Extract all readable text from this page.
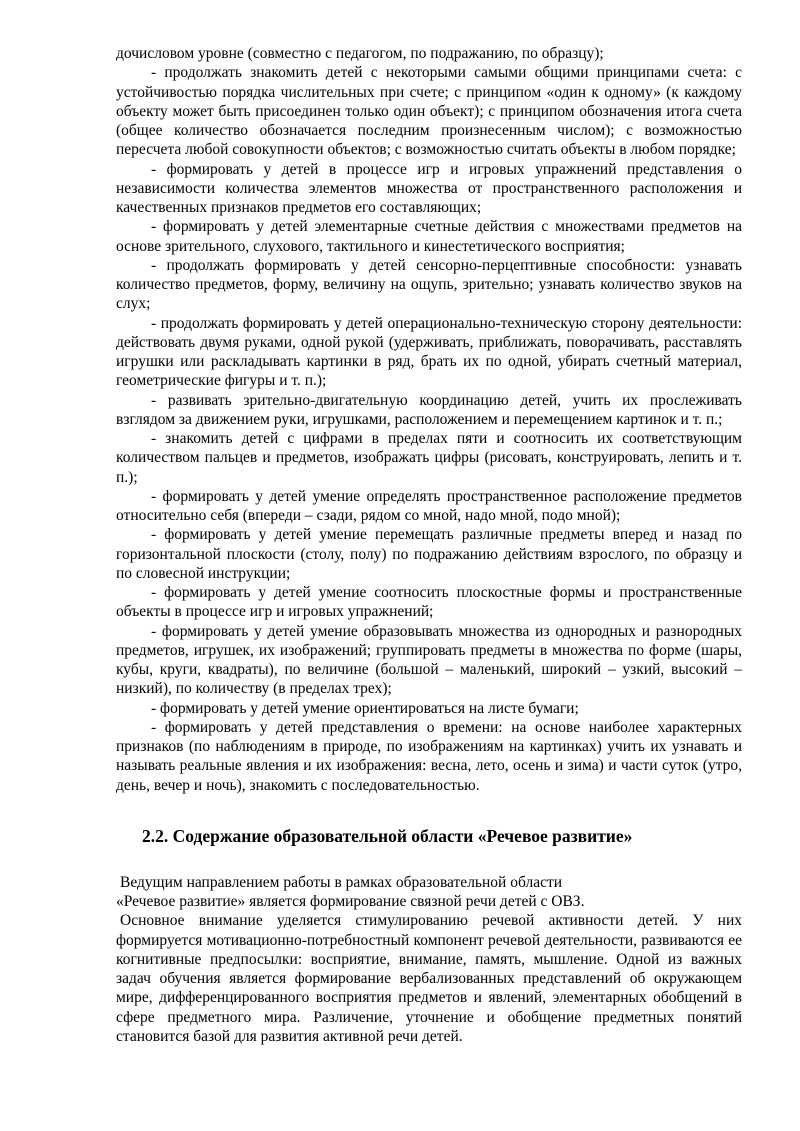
дочисловом уровне (совместно с педагогом, по подражанию, по образцу);

- продолжать знакомить детей с некоторыми самыми общими принципами счета: с устойчивостью порядка числительных при счете; с принципом «один к одному» (к каждому объекту может быть присоединен только один объект); с принципом обозначения итога счета (общее количество обозначается последним произнесенным числом); с возможностью пересчета любой совокупности объектов; с возможностью считать объекты в любом порядке;

- формировать у детей в процессе игр и игровых упражнений представления о независимости количества элементов множества от пространственного расположения и качественных признаков предметов его составляющих;

- формировать у детей элементарные счетные действия с множествами предметов на основе зрительного, слухового, тактильного и кинестетического восприятия;

- продолжать формировать у детей сенсорно-перцептивные способности: узнавать количество предметов, форму, величину на ощупь, зрительно; узнавать количество звуков на слух;

- продолжать формировать у детей операционально-техническую сторону деятельности: действовать двумя руками, одной рукой (удерживать, приближать, поворачивать, расставлять игрушки или раскладывать картинки в ряд, брать их по одной, убирать счетный материал, геометрические фигуры и т. п.);

- развивать зрительно-двигательную координацию детей, учить их прослеживать взглядом за движением руки, игрушками, расположением и перемещением картинок и т. п.;

- знакомить детей с цифрами в пределах пяти и соотносить их соответствующим количеством пальцев и предметов, изображать цифры (рисовать, конструировать, лепить и т. п.);

- формировать у детей умение определять пространственное расположение предметов относительно себя (впереди – сзади, рядом со мной, надо мной, подо мной);

- формировать у детей умение перемещать различные предметы вперед и назад по горизонтальной плоскости (столу, полу) по подражанию действиям взрослого, по образцу и по словесной инструкции;

- формировать у детей умение соотносить плоскостные формы и пространственные объекты в процессе игр и игровых упражнений;

- формировать у детей умение образовывать множества из однородных и разнородных предметов, игрушек, их изображений; группировать предметы в множества по форме (шары, кубы, круги, квадраты), по величине (большой – маленький, широкий – узкий, высокий – низкий), по количеству (в пределах трех);

- формировать у детей умение ориентироваться на листе бумаги;

- формировать у детей представления о времени: на основе наиболее характерных признаков (по наблюдениям в природе, по изображениям на картинках) учить их узнавать и называть реальные явления и их изображения: весна, лето, осень и зима) и части суток (утро, день, вечер и ночь), знакомить с последовательностью.

2.2. Содержание образовательной области «Речевое развитие»

Ведущим направлением работы в рамках образовательной области

«Речевое развитие» является формирование связной речи детей с ОВЗ.

Основное внимание уделяется стимулированию речевой активности детей. У них формируется мотивационно-потребностный компонент речевой деятельности, развиваются ее когнитивные предпосылки: восприятие, внимание, память, мышление. Одной из важных задач обучения является формирование вербализованных представлений об окружающем мире, дифференцированного восприятия предметов и явлений, элементарных обобщений в сфере предметного мира. Различение, уточнение и обобщение предметных понятий становится базой для развития активной речи детей.
